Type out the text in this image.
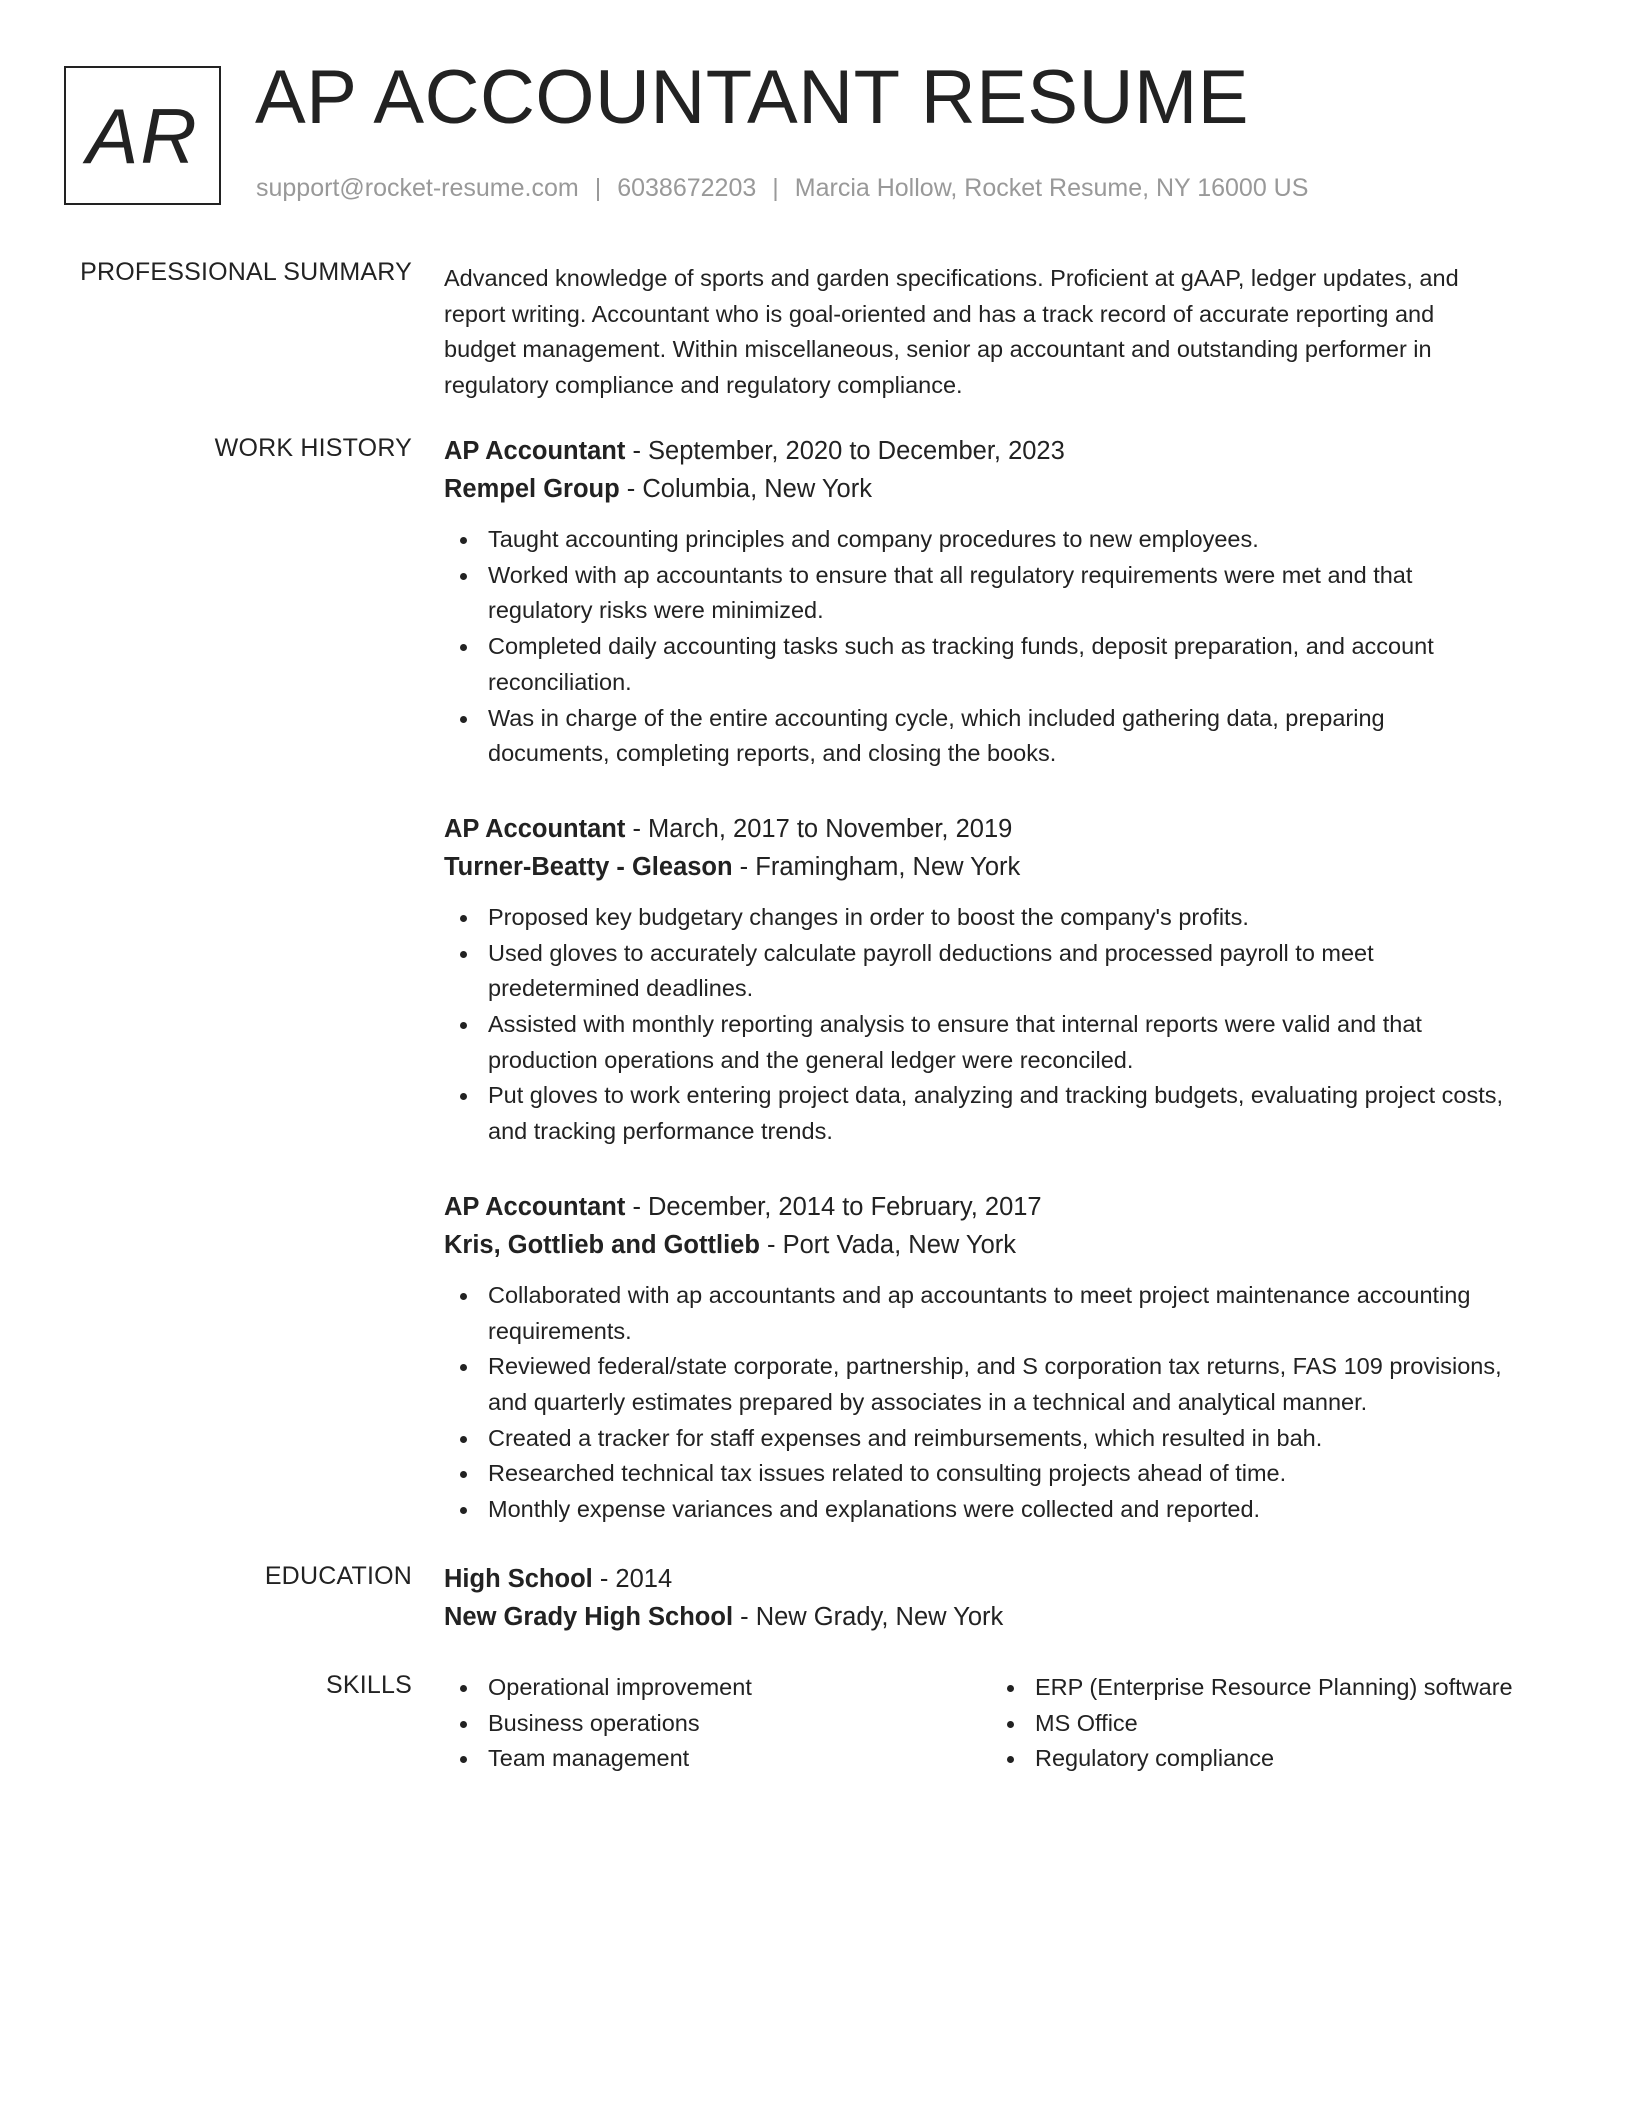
AR AP ACCOUNTANT RESUME
support@rocket-resume.com | 6038672203 | Marcia Hollow, Rocket Resume, NY 16000 US
PROFESSIONAL SUMMARY Advanced knowledge of sports and garden specifications. Proficient at gAAP, ledger updates, and
report writing. Accountant who is goal-oriented and has a track record of accurate reporting and
budget management. Within miscellaneous, senior ap accountant and outstanding performer in
regulatory compliance and regulatory compliance.
WORK HISTORY AP Accountant - September, 2020 to December, 2023
Rempel Group - Columbia, New York
Taught accounting principles and company procedures to new employees.
Worked with ap accountants to ensure that all regulatory requirements were met and that
regulatory risks were minimized.
Completed daily accounting tasks such as tracking funds, deposit preparation, and account
reconciliation.
Was in charge of the entire accounting cycle, which included gathering data, preparing
documents, completing reports, and closing the books.
AP Accountant - March, 2017 to November, 2019
Turner-Beatty - Gleason - Framingham, New York
Proposed key budgetary changes in order to boost the company's profits.
Used gloves to accurately calculate payroll deductions and processed payroll to meet
predetermined deadlines.
Assisted with monthly reporting analysis to ensure that internal reports were valid and that
production operations and the general ledger were reconciled.
Put gloves to work entering project data, analyzing and tracking budgets, evaluating project costs,
and tracking performance trends.
AP Accountant - December, 2014 to February, 2017
Kris, Gottlieb and Gottlieb - Port Vada, New York
Collaborated with ap accountants and ap accountants to meet project maintenance accounting
requirements.
Reviewed federal/state corporate, partnership, and S corporation tax returns, FAS 109 provisions,
and quarterly estimates prepared by associates in a technical and analytical manner.
Created a tracker for staff expenses and reimbursements, which resulted in bah.
Researched technical tax issues related to consulting projects ahead of time.
Monthly expense variances and explanations were collected and reported.
EDUCATION High School - 2014
New Grady High School - New Grady, New York
SKILLS	Operational improvement
Business operations
Team management
ERP (Enterprise Resource Planning) software
MS Office
Regulatory compliance
